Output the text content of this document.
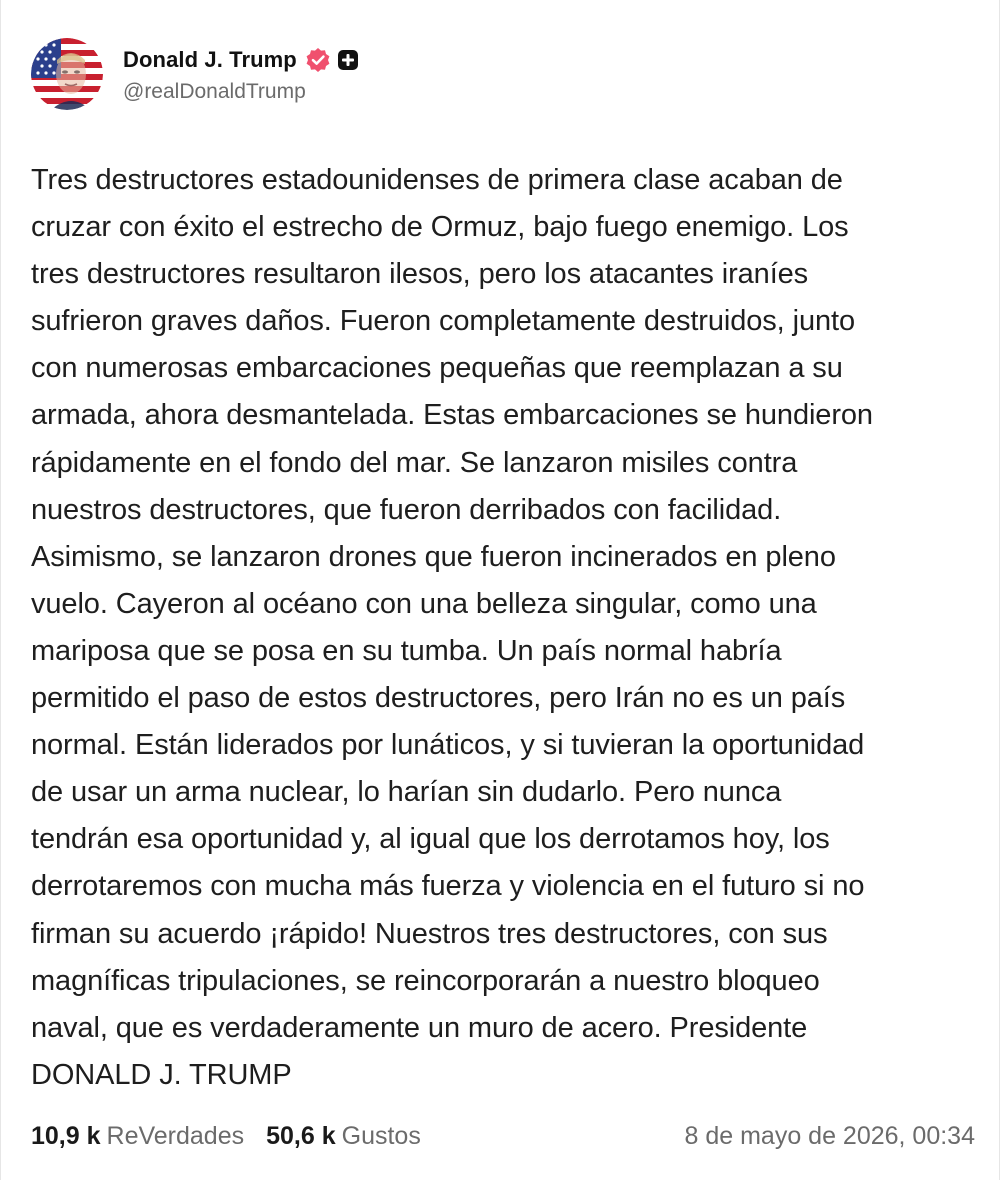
Donald J. Trump
@realDonaldTrump

Tres destructores estadounidenses de primera clase acaban de
cruzar con éxito el estrecho de Ormuz, bajo fuego enemigo. Los
tres destructores resultaron ilesos, pero los atacantes iraníes
sufrieron graves daños. Fueron completamente destruidos, junto
con numerosas embarcaciones pequeñas que reemplazan a su
armada, ahora desmantelada. Estas embarcaciones se hundieron
rápidamente en el fondo del mar. Se lanzaron misiles contra
nuestros destructores, que fueron derribados con facilidad.
Asimismo, se lanzaron drones que fueron incinerados en pleno
vuelo. Cayeron al océano con una belleza singular, como una
mariposa que se posa en su tumba. Un país normal habría
permitido el paso de estos destructores, pero Irán no es un país
normal. Están liderados por lunáticos, y si tuvieran la oportunidad
de usar un arma nuclear, lo harían sin dudarlo. Pero nunca
tendrán esa oportunidad y, al igual que los derrotamos hoy, los
derrotaremos con mucha más fuerza y violencia en el futuro si no
firman su acuerdo ¡rápido! Nuestros tres destructores, con sus
magníficas tripulaciones, se reincorporarán a nuestro bloqueo
naval, que es verdaderamente un muro de acero. Presidente
DONALD J. TRUMP

10,9 k ReVerdades 50,6 k Gustos	8 de mayo de 2026, 00:34
